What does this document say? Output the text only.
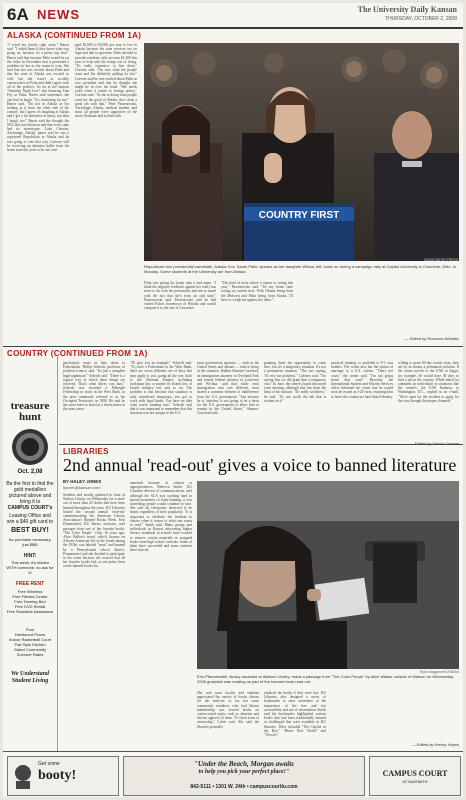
6A NEWS	The University Daily Kansan
THURSDAY, OCTOBER 2, 2008
ALASKA (CONTINUED FROM 1A)
"I voted my family right away," Harris said. "I asked them if they knew what was going on, because it's a pretty big deal." Harris said that because Palin would be on the ticket in November that it presented a problem for her as she wants to vote. She said that she was excited about Palin and that the state of Alaska was excited as well, but she wasn't as socially conservative as Palin and didn't agree with all of her policies. As far as the famous "Saturday Night Live" skit featuring Tina Fey as Palin, Harris said sometimes she just had to laugh. "It's frustrating for me," Harris said. "I'm not as Alaska as I'm looking at it from the other side of the country, but I guess it's laughing at Alaska and I get a bit defensive at times, but then I laugh, too." Harris said she thought the SNL skit was hilarious and that every state had its stereotypes. Luke Cravens, Anchorage, Alaska, junior said he was a registered Republican in Alaska and he was going to vote that way. Cravens will be receiving an absentee ballot from his home state this year so he can vote.
paid $2,000 to $3,000 per year to live in Alaska because the state receives tax on high and that so governor Palin decided to provide residents with an extra $1,200 this year to help with the rising cost of living. "It's really expensive to live there," Cravens said. "I'm sure what the people want and I'm definitely pulling for her." Cravens said he was excited about Palin as vice president and that he thought she might be in over her head. "She needs work when it comes to foreign policy," Cravens said. "As far as doing what people want for the good of Alaska, she's done a great job with that." Peter Passenowski, Anchorage, Alaska, medical student, and most all people were supportive of the move Alaskans had to deal with.
COUNTRY FIRST
Republican vice presidential candidate, Alaska Gov. Sarah Palin, speaks as her daughter Willow, left, looks on during a campaign rally at Capitol University in Columbia, Ohio, in Monday. Some students at the University are from Alaska.
ASSOCIATED PRESS
Palin was giving his home state a bad name. "I think the negative feedback against her really has more to do with her personality and not so much with the fact that she's from an odd state," Passenowski said. Passenowski said he had visited Palin's hometown of Wasilla and would compare it to the size of Lawrence.
"The kind of town where it comes to voting this year," Passenowski said. "It's my home state voting on current state. With Obama being from the Midwest and Palin being from Alaska, I'll have to weigh me against the other."
— Edited by Rosanna Whatley
COUNTRY (CONTINUED FROM 1A)
particularly acute as they relate to Palestinians. Phillip Schrodt, professor of political science, said. "It's just a complete legal nightmare," Schrodt said. "There is a logical way in which these things are resolved. That's what drives you nuts." Schrodt was awarded a Fulbright Fellowship to teach in the West Bank, in the area commonly referred to as the Occupied Territories, in 1998. He said he has since been to Israel at a dozen times in the years since.
"I'll give you an example," Schrodt said. "If you're a Palestinian in the West Bank, there are seven different sets of laws that may apply to you, going all the way back to the Ottoman Empire, including Jordanian law, or maybe it's Israeli law, or Israeli military law and so on. The problem is that because that situation is only considered temporary, you get to work with legal limbo. You have no idea what you're running into." Schrodt said that it was important to remember that this situation was not unique to the U.S.
most government agencies — both in the United States and abroad — tend to bring in the situation. Bakhar Sharma-Crawford, an immigration attorney in Overland Park and former federal attorney in Lawrence and Wichita, said that while each immigration case was different, most shared a common element of indifference from the U.S. government. "Just because he is 'stateless' is not going to be a basis for the U.S. government to allow him to remain in the United States," Sharma-Crawford said.
granting them the opportunity to come here, but it's a temporary situation. It's not a permanent situation. "The one saying, 'It's not our problem,'" Cabrera said. "I'm saying that we did grant him a temporary visa." In June, the center's board discussed were missing, although that has been the limit of his mission. "It's really worthless," he said. "It's not worth the ink that is written on it."
practical training, is available to F-1 visa holders. The center also has the option of marriage to a U.S. citizen. "That's not crazy," the center said. "I'm not going down that road." Recently, the International Student and Scholar Services office informed the center that he would soon be issued an I-20 form, requiring him to leave the country no later than February.
willing to grant 90-day tourist visas, they are by no means a permanent solution. If the center travels to the UAE or Egypt, for example, he would have 30 days to find a job in the country. While asked for comment on individuals in situations like the center's, the UAE Embassy in Washington, D.C., replied in an e-mail. "We're open for the resident to apply for the visa through the proper channels."
treasure
hunt
Oct. 2,08
Be the first to find the gold medallion pictured above and bring it to
CAMPUS COURT's
Leasing Office and win a $40 gift card to
BEST BUY!
No purchase necessary, just $$$!
HINT:
This week, it's hidden WITH someone, so ask for it!
FREE RENT
Free Wireless
Free Fitness Center
Free Tanning Bed
Free DVD Rental
Free Roadside Assistance
Pool
Hardwood Floors
Indoor Racketball Court
Fiat Style Kitchen
Gated Community
Summer Rates
We Understand
Student Living
LIBRARIES
2nd annual 'read-out' gives a voice to banned literature
BY HALEY JONES
hjones@kansan.com
Students and faculty gathered in front of Watson Library on Wednesday for a read-out of more than 20 books that have been banned throughout the years. KU Libraries hosted the second annual 'read-out' commemorating the American Library Association's Banned Books Week. Erin Pfannenstiel, KU library assistant, read passages from one of her favorite books, "The Color Purple." Only 16 years ago, Alice Walker's novel, which focuses on African-American life in the South during the 1930s, was labeled "smut" and banned by a Pennsylvania school district. Pfannenstiel said she decided to participate in the event because she noticed that all her favorite books had, at one point, been on the banned books list.
materials because of content or appropriateness. Rebecca Smith, KU Libraries director of communications, said although the ALA was working hard to spread awareness of book banning, it was something people would continue to face. She said all viewpoints deserved to be heard, regardless of their popularity. "It is important to celebrate the freedom to choose when it comes to what one wants to read," Smith said. Many groups and individuals in Kansas advocating higher literary standards in schools have worked to remove certain materials or assigned books from high school curricula. Some of them have succeeded and some students have noticed.
Ryan Waggoner/KANSAN
Erin Pfannenstiel, library assistant at Watson Library, reads a passage from "The Color Purple" by Alice Walker outside of Watson on Wednesday. 2008 graduate was reading as part of the banned book read out.
She said most faculty and students appreciated the variety of books chosen for the read-out so far, but some community members who had library membership saw several books on controversial topics such as abortion and did not approve of them. "It's their form of censorship," Curtis said. She said the libraries generally
replaced the books if they were lost. KU Libraries also designed a series of bookmarks to raise awareness of the importance of the free and fair accessibility and use of information. Smith said the bookmarks highlighted various books that had been traditionally banned or challenged that were available in KU libraries. Titles included "The Catcher in the Rye," "Brave New World" and "Ulysses."
— Edited by Kelsey Hayes
Get some
booty!
"Under the Beach, Morgan awaits
to help you pick your perfect place!"
842-5111 • 1301 W. 24th • campuscourtlu.com
CAMPUS COURT
AT NAISMITH
